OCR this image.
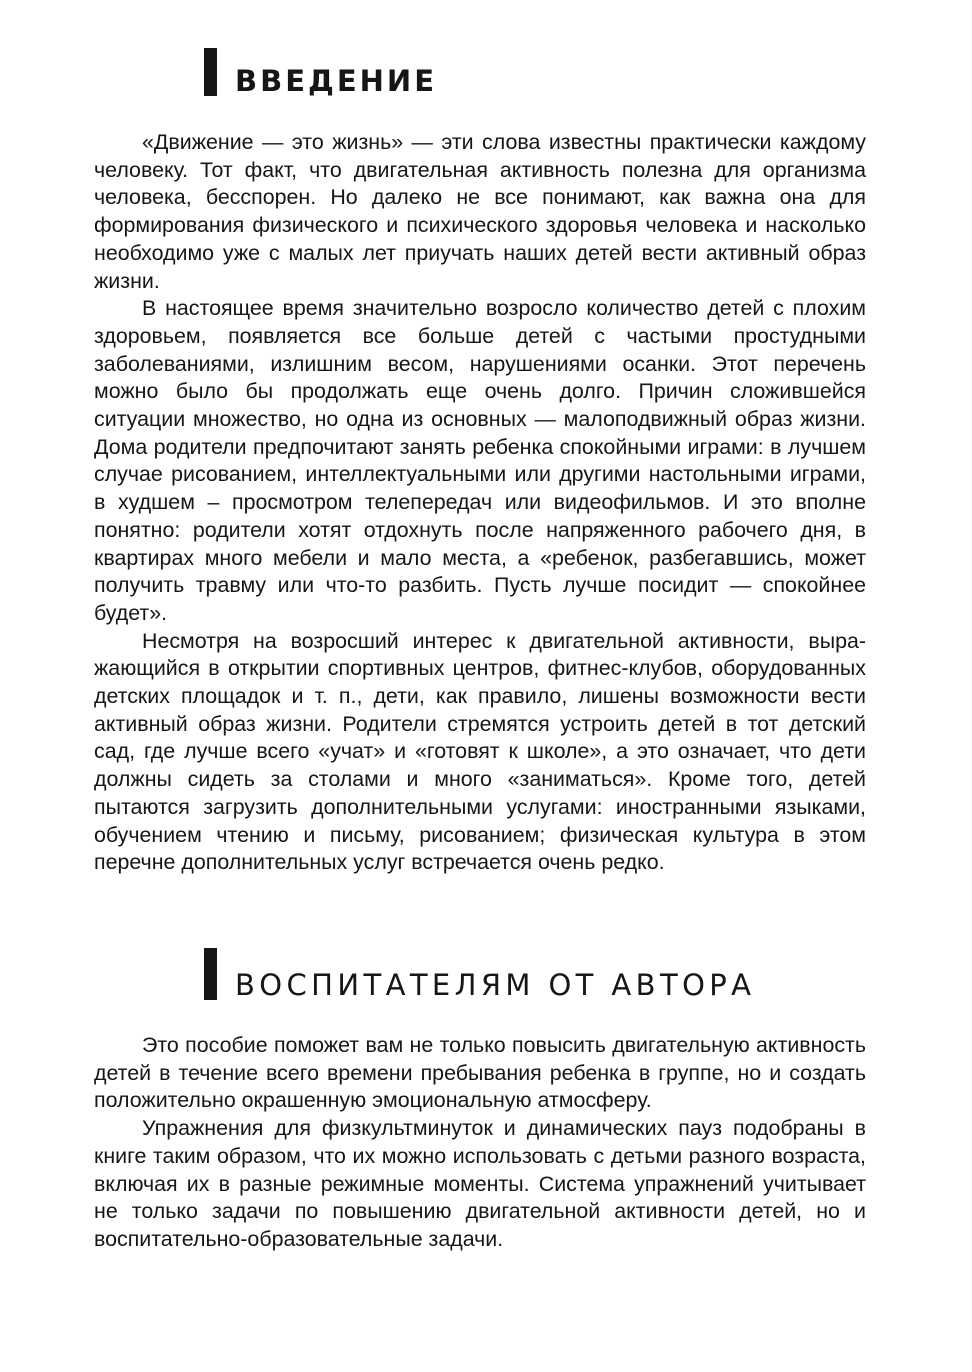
ВВЕДЕНИЕ

«Движение — это жизнь» — эти слова известны практически каждому человеку. Тот факт, что двигательная активность полезна для организма человека, бесспорен. Но далеко не все понимают, как важна она для формирования физического и психического здоровья человека и насколько необходимо уже с малых лет приучать наших детей вести активный образ жизни.

В настоящее время значительно возросло количество детей с плохим здоровьем, появляется все больше детей с частыми простудными заболеваниями, излишним весом, нарушениями осанки. Этот перечень можно было бы продолжать еще очень долго. Причин сложившейся ситуации множество, но одна из основных — малоподвижный образ жизни. Дома родители предпочитают занять ребенка спокойными играми: в лучшем случае рисованием, интеллектуальными или другими настольными играми, в худшем – просмотром телепередач или видеофильмов. И это вполне понятно: родители хотят отдохнуть после напряженного рабочего дня, в квартирах много мебели и мало места, а «ребенок, разбегавшись, может получить травму или что-то разбить. Пусть лучше посидит — спокойнее будет».

Несмотря на возросший интерес к двигательной активности, выражающийся в открытии спортивных центров, фитнес-клубов, оборудованных детских площадок и т. п., дети, как правило, лишены возможности вести активный образ жизни. Родители стремятся устроить детей в тот детский сад, где лучше всего «учат» и «готовят к школе», а это означает, что дети должны сидеть за столами и много «заниматься». Кроме того, детей пытаются загрузить дополнительными услугами: иностранными языками, обучением чтению и письму, рисованием; физическая культура в этом перечне дополнительных услуг встречается очень редко.

ВОСПИТАТЕЛЯМ ОТ АВТОРА

Это пособие поможет вам не только повысить двигательную активность детей в течение всего времени пребывания ребенка в группе, но и создать положительно окрашенную эмоциональную атмосферу.

Упражнения для физкультминуток и динамических пауз подобраны в книге таким образом, что их можно использовать с детьми разного возраста, включая их в разные режимные моменты. Система упражнений учитывает не только задачи по повышению двигательной активности детей, но и воспитательно-образовательные задачи.
